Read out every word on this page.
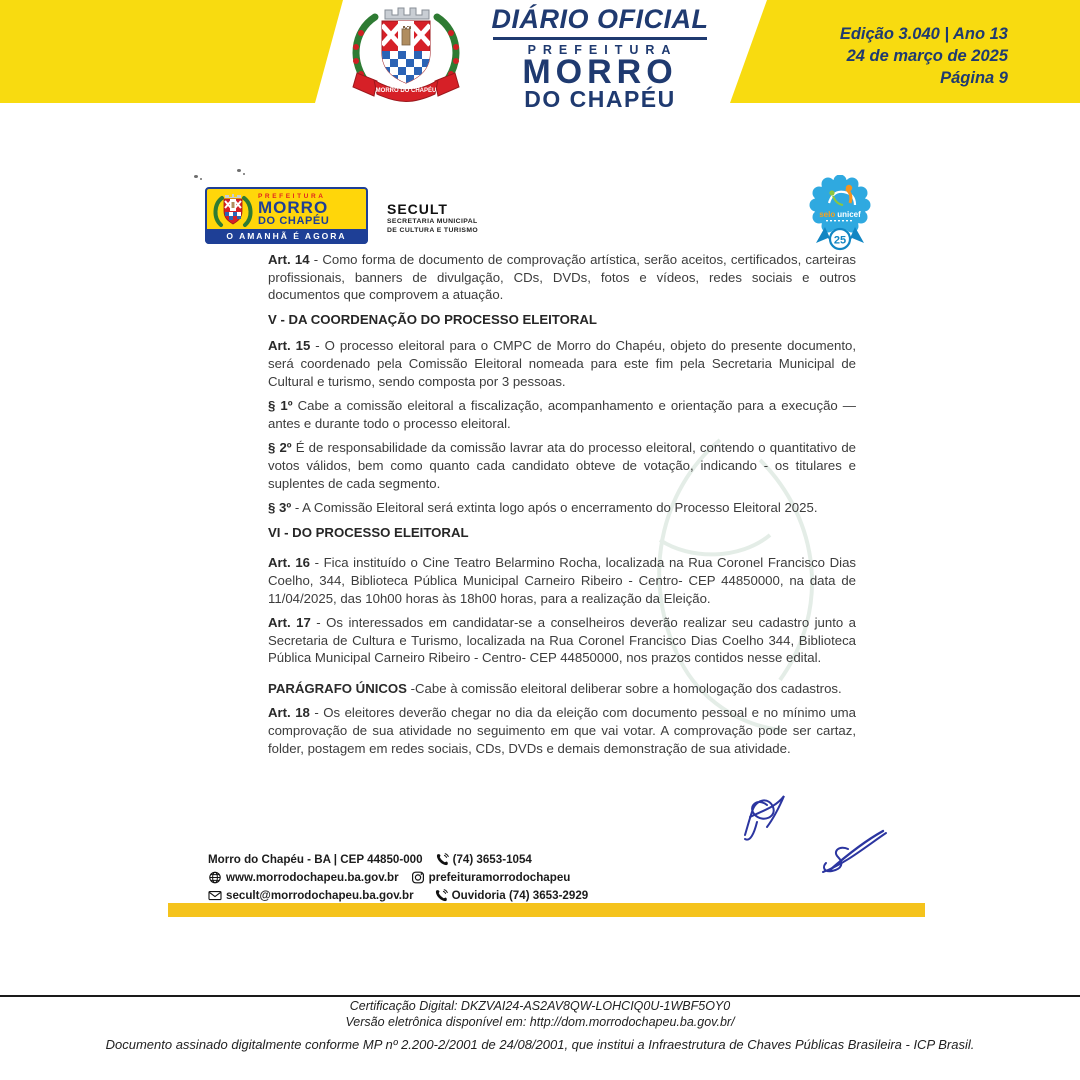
MORRO DO CHAPÉU
DIÁRIO OFICIAL
PREFEITURA
MORRO
DO CHAPÉU
Edição 3.040 | Ano 13
24 de março de 2025
Página 9
PREFEITURA
MORRO
DO CHAPÉU
O AMANHÃ É AGORA
SECULT
SECRETARIA MUNICIPAL
DE CULTURA E TURISMO
selo unicef
25

Art. 14 - Como forma de documento de comprovação artística, serão aceitos, certificados, carteiras profissionais, banners de divulgação, CDs, DVDs, fotos e vídeos, redes sociais e outros documentos que comprovem a atuação.

V - DA COORDENAÇÃO DO PROCESSO ELEITORAL

Art. 15 - O processo eleitoral para o CMPC de Morro do Chapéu, objeto do presente documento, será coordenado pela Comissão Eleitoral nomeada para este fim pela Secretaria Municipal de Cultural e turismo, sendo composta por 3 pessoas.

§ 1º Cabe a comissão eleitoral a fiscalização, acompanhamento e orientação para a execução — antes e durante todo o processo eleitoral.

§ 2º É de responsabilidade da comissão lavrar ata do processo eleitoral, contendo o quantitativo de votos válidos, bem como quanto cada candidato obteve de votação, indicando - os titulares e suplentes de cada segmento.

§ 3º - A Comissão Eleitoral será extinta logo após o encerramento do Processo Eleitoral 2025.

VI - DO PROCESSO ELEITORAL

Art. 16 - Fica instituído o Cine Teatro Belarmino Rocha, localizada na Rua Coronel Francisco Dias Coelho, 344, Biblioteca Pública Municipal Carneiro Ribeiro - Centro- CEP 44850000, na data de 11/04/2025, das 10h00 horas às 18h00 horas, para a realização da Eleição.

Art. 17 - Os interessados em candidatar-se a conselheiros deverão realizar seu cadastro junto a Secretaria de Cultura e Turismo, localizada na Rua Coronel Francisco Dias Coelho 344, Biblioteca Pública Municipal Carneiro Ribeiro - Centro- CEP 44850000, nos prazos contidos nesse edital.

PARÁGRAFO ÚNICOS -Cabe à comissão eleitoral deliberar sobre a homologação dos cadastros.

Art. 18 - Os eleitores deverão chegar no dia da eleição com documento pessoal e no mínimo uma comprovação de sua atividade no seguimento em que vai votar. A comprovação pode ser cartaz, folder, postagem em redes sociais, CDs, DVDs e demais demonstração de sua atividade.

Morro do Chapéu - BA | CEP 44850-000	(74) 3653-1054
www.morrodochapeu.ba.gov.br	prefeituramorrodochapeu
secult@morrodochapeu.ba.gov.br	Ouvidoria (74) 3653-2929
Certificação Digital: DKZVAI24-AS2AV8QW-LOHCIQ0U-1WBF5OY0
Versão eletrônica disponível em: http://dom.morrodochapeu.ba.gov.br/
Documento assinado digitalmente conforme MP nº 2.200-2/2001 de 24/08/2001, que institui a Infraestrutura de Chaves Públicas Brasileira - ICP Brasil.
